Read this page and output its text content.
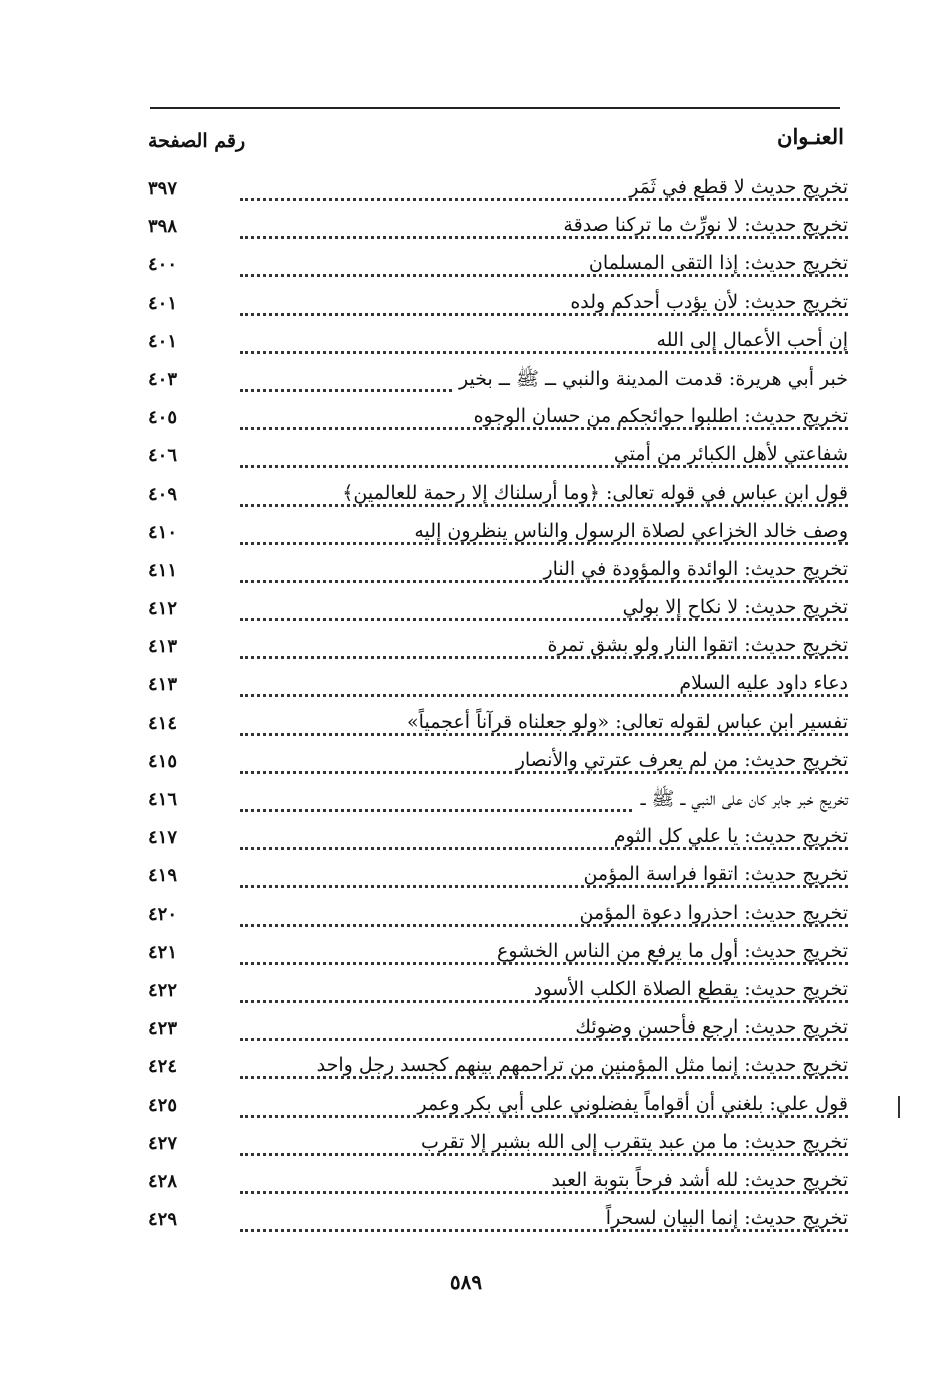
رقم الصفحة	العنـوان
٣٩٧	تخريج حديث لا قطع في ثَمَر
٣٩٨	تخريج حديث: لا نورِّث ما تركنا صدقة
٤٠٠	تخريج حديث: إذا التقى المسلمان
٤٠١	تخريج حديث: لأن يؤدب أحدكم ولده
٤٠١	إن أحب الأعمال إلى الله
٤٠٣	خبر أبي هريرة: قدمت المدينة والنبي ــ ﷺ ــ بخير
٤٠٥	تخريج حديث: اطلبوا حوائجكم من حسان الوجوه
٤٠٦	شفاعتي لأهل الكبائر من أمتي
٤٠٩	قول ابن عباس في قوله تعالى: ﴿وما أرسلناك إلا رحمة للعالمين﴾
٤١٠	وصف خالد الخزاعي لصلاة الرسول والناس ينظرون إليه
٤١١	تخريج حديث: الوائدة والمؤودة في النار
٤١٢	تخريج حديث: لا نكاح إلا بولي
٤١٣	تخريج حديث: اتقوا النار ولو بشق تمرة
٤١٣	دعاء داود عليه السلام
٤١٤	تفسير ابن عباس لقوله تعالى: «ولو جعلناه قرآناً أعجمياً»
٤١٥	تخريج حديث: من لم يعرف عترتي والأنصار
٤١٦	تخريج خبر جابر كان على النبي ــ ﷺ ــ
٤١٧	تخريج حديث: يا علي كل الثوم
٤١٩	تخريج حديث: اتقوا فراسة المؤمن
٤٢٠	تخريج حديث: احذروا دعوة المؤمن
٤٢١	تخريج حديث: أول ما يرفع من الناس الخشوع
٤٢٢	تخريج حديث: يقطع الصلاة الكلب الأسود
٤٢٣	تخريج حديث: ارجع فأحسن وضوئك
٤٢٤	تخريج حديث: إنما مثل المؤمنين من تراحمهم بينهم كجسد رجل واحد
٤٢٥	قول علي: بلغني أن أقواماً يفضلوني على أبي بكر وعمر
٤٢٧	تخريج حديث: ما من عبد يتقرب إلى الله بشبر إلا تقرب
٤٢٨	تخريج حديث: لله أشد فرحاً بتوبة العبد
٤٢٩	تخريج حديث: إنما البيان لسحراً
٥٨٩
